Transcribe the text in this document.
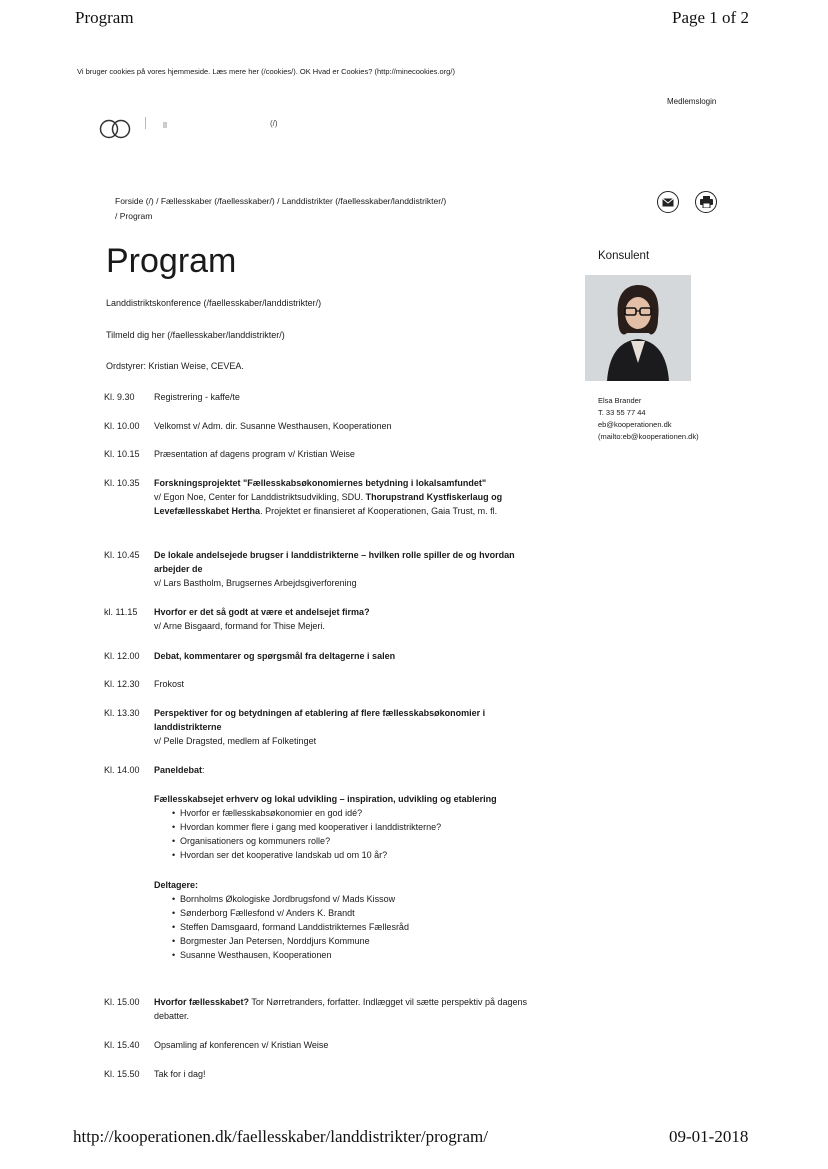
Program	Page 1 of 2
Vi bruger cookies på vores hjemmeside. Læs mere her (/cookies/). OK Hvad er Cookies? (http://minecookies.org/)
Medlemslogin
(/)
Forside (/) / Fællesskaber (/faellesskaber/) / Landdistrikter (/faellesskaber/landdistrikter/)
/ Program
Program
Landdistriktskonference (/faellesskaber/landdistrikter/)
Tilmeld dig her (/faellesskaber/landdistrikter/)
Ordstyrer: Kristian Weise, CEVEA.
Konsulent
Elsa Brander
T. 33 55 77 44
eb@kooperationen.dk
(mailto:eb@kooperationen.dk)
Kl. 9.30	Registrering - kaffe/te
Kl. 10.00	Velkomst v/ Adm. dir. Susanne Westhausen, Kooperationen
Kl. 10.15	Præsentation af dagens program v/ Kristian Weise
Kl. 10.35	Forskningsprojektet "Fællesskabsøkonomiernes betydning i lokalsamfundet"
v/ Egon Noe, Center for Landdistriktsudvikling, SDU. Thorupstrand Kystfiskerlaug og Levefællesskabet Hertha. Projektet er finansieret af Kooperationen, Gaia Trust, m. fl.
Kl. 10.45	De lokale andelsejede brugser i landdistrikterne – hvilken rolle spiller de og hvordan arbejder de
v/ Lars Bastholm, Brugsernes Arbejdsgiverforening
kl. 11.15	Hvorfor er det så godt at være et andelsejet firma?
v/ Arne Bisgaard, formand for Thise Mejeri.
Kl. 12.00	Debat, kommentarer og spørgsmål fra deltagerne i salen
Kl. 12.30	Frokost
Kl. 13.30	Perspektiver for og betydningen af etablering af flere fællesskabsøkonomier i landdistrikterne
v/ Pelle Dragsted, medlem af Folketinget
Kl. 14.00	Paneldebat:
Fællesskabsejet erhverv og lokal udvikling – inspiration, udvikling og etablering
• Hvorfor er fællesskabsøkonomier en god idé?
• Hvordan kommer flere i gang med kooperativer i landdistrikterne?
• Organisationers og kommuners rolle?
• Hvordan ser det kooperative landskab ud om 10 år?
Deltagere:
• Bornholms Økologiske Jordbrugsfond v/ Mads Kissow
• Sønderborg Fællesfond v/ Anders K. Brandt
• Steffen Damsgaard, formand Landdistrikternes Fællesråd
• Borgmester Jan Petersen, Norddjurs Kommune
• Susanne Westhausen, Kooperationen
Kl. 15.00	Hvorfor fællesskabet? Tor Nørretranders, forfatter. Indlægget vil sætte perspektiv på dagens debatter.
Kl. 15.40	Opsamling af konferencen v/ Kristian Weise
Kl. 15.50	Tak for i dag!
http://kooperationen.dk/faellesskaber/landdistrikter/program/	09-01-2018
